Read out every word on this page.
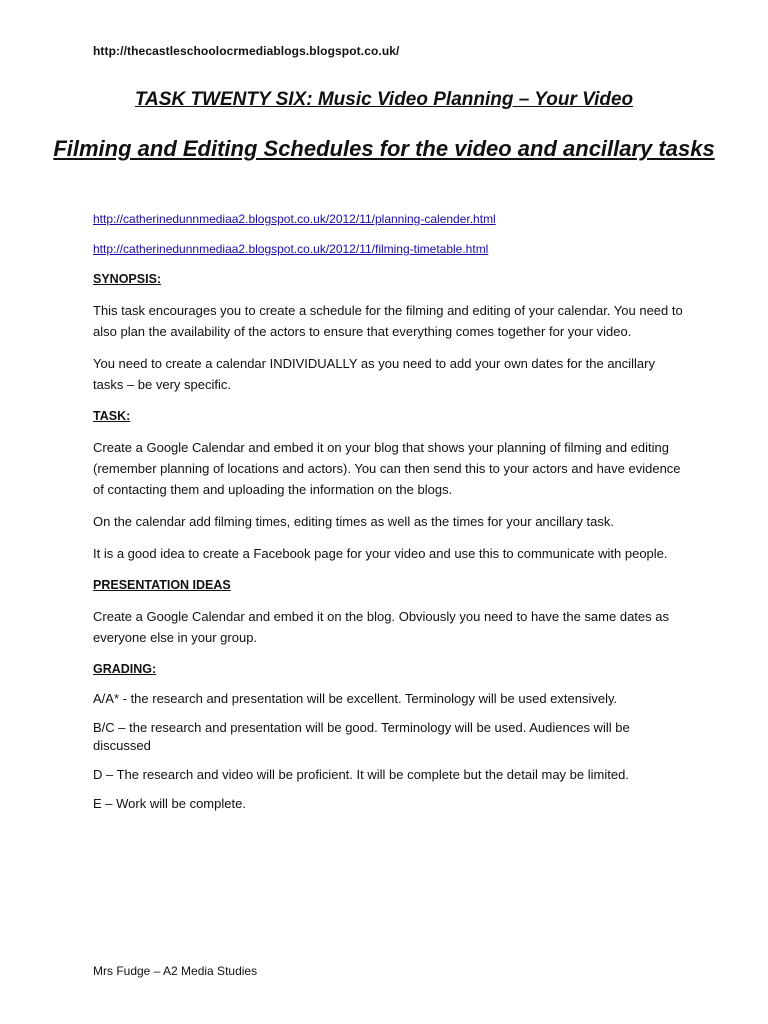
http://thecastleschoolocrmediablogs.blogspot.co.uk/
TASK TWENTY SIX: Music Video Planning – Your Video
Filming and Editing Schedules for the video and ancillary tasks
http://catherinedunnmediaa2.blogspot.co.uk/2012/11/planning-calender.html
http://catherinedunnmediaa2.blogspot.co.uk/2012/11/filming-timetable.html
SYNOPSIS:

This task encourages you to create a schedule for the filming and editing of your calendar. You need to also plan the availability of the actors to ensure that everything comes together for your video.

You need to create a calendar INDIVIDUALLY as you need to add your own dates for the ancillary tasks – be very specific.

TASK:

Create a Google Calendar and embed it on your blog that shows your planning of filming and editing (remember planning of locations and actors). You can then send this to your actors and have evidence of contacting them and uploading the information on the blogs.

On the calendar add filming times, editing times as well as the times for your ancillary task.

It is a good idea to create a Facebook page for your video and use this to communicate with people.

PRESENTATION IDEAS

Create a Google Calendar and embed it on the blog. Obviously you need to have the same dates as everyone else in your group.

GRADING:

A/A* - the research and presentation will be excellent. Terminology will be used extensively.

B/C – the research and presentation will be good. Terminology will be used. Audiences will be discussed

D – The research and video will be proficient. It will be complete but the detail may be limited.

E – Work will be complete.

Mrs Fudge – A2 Media Studies
